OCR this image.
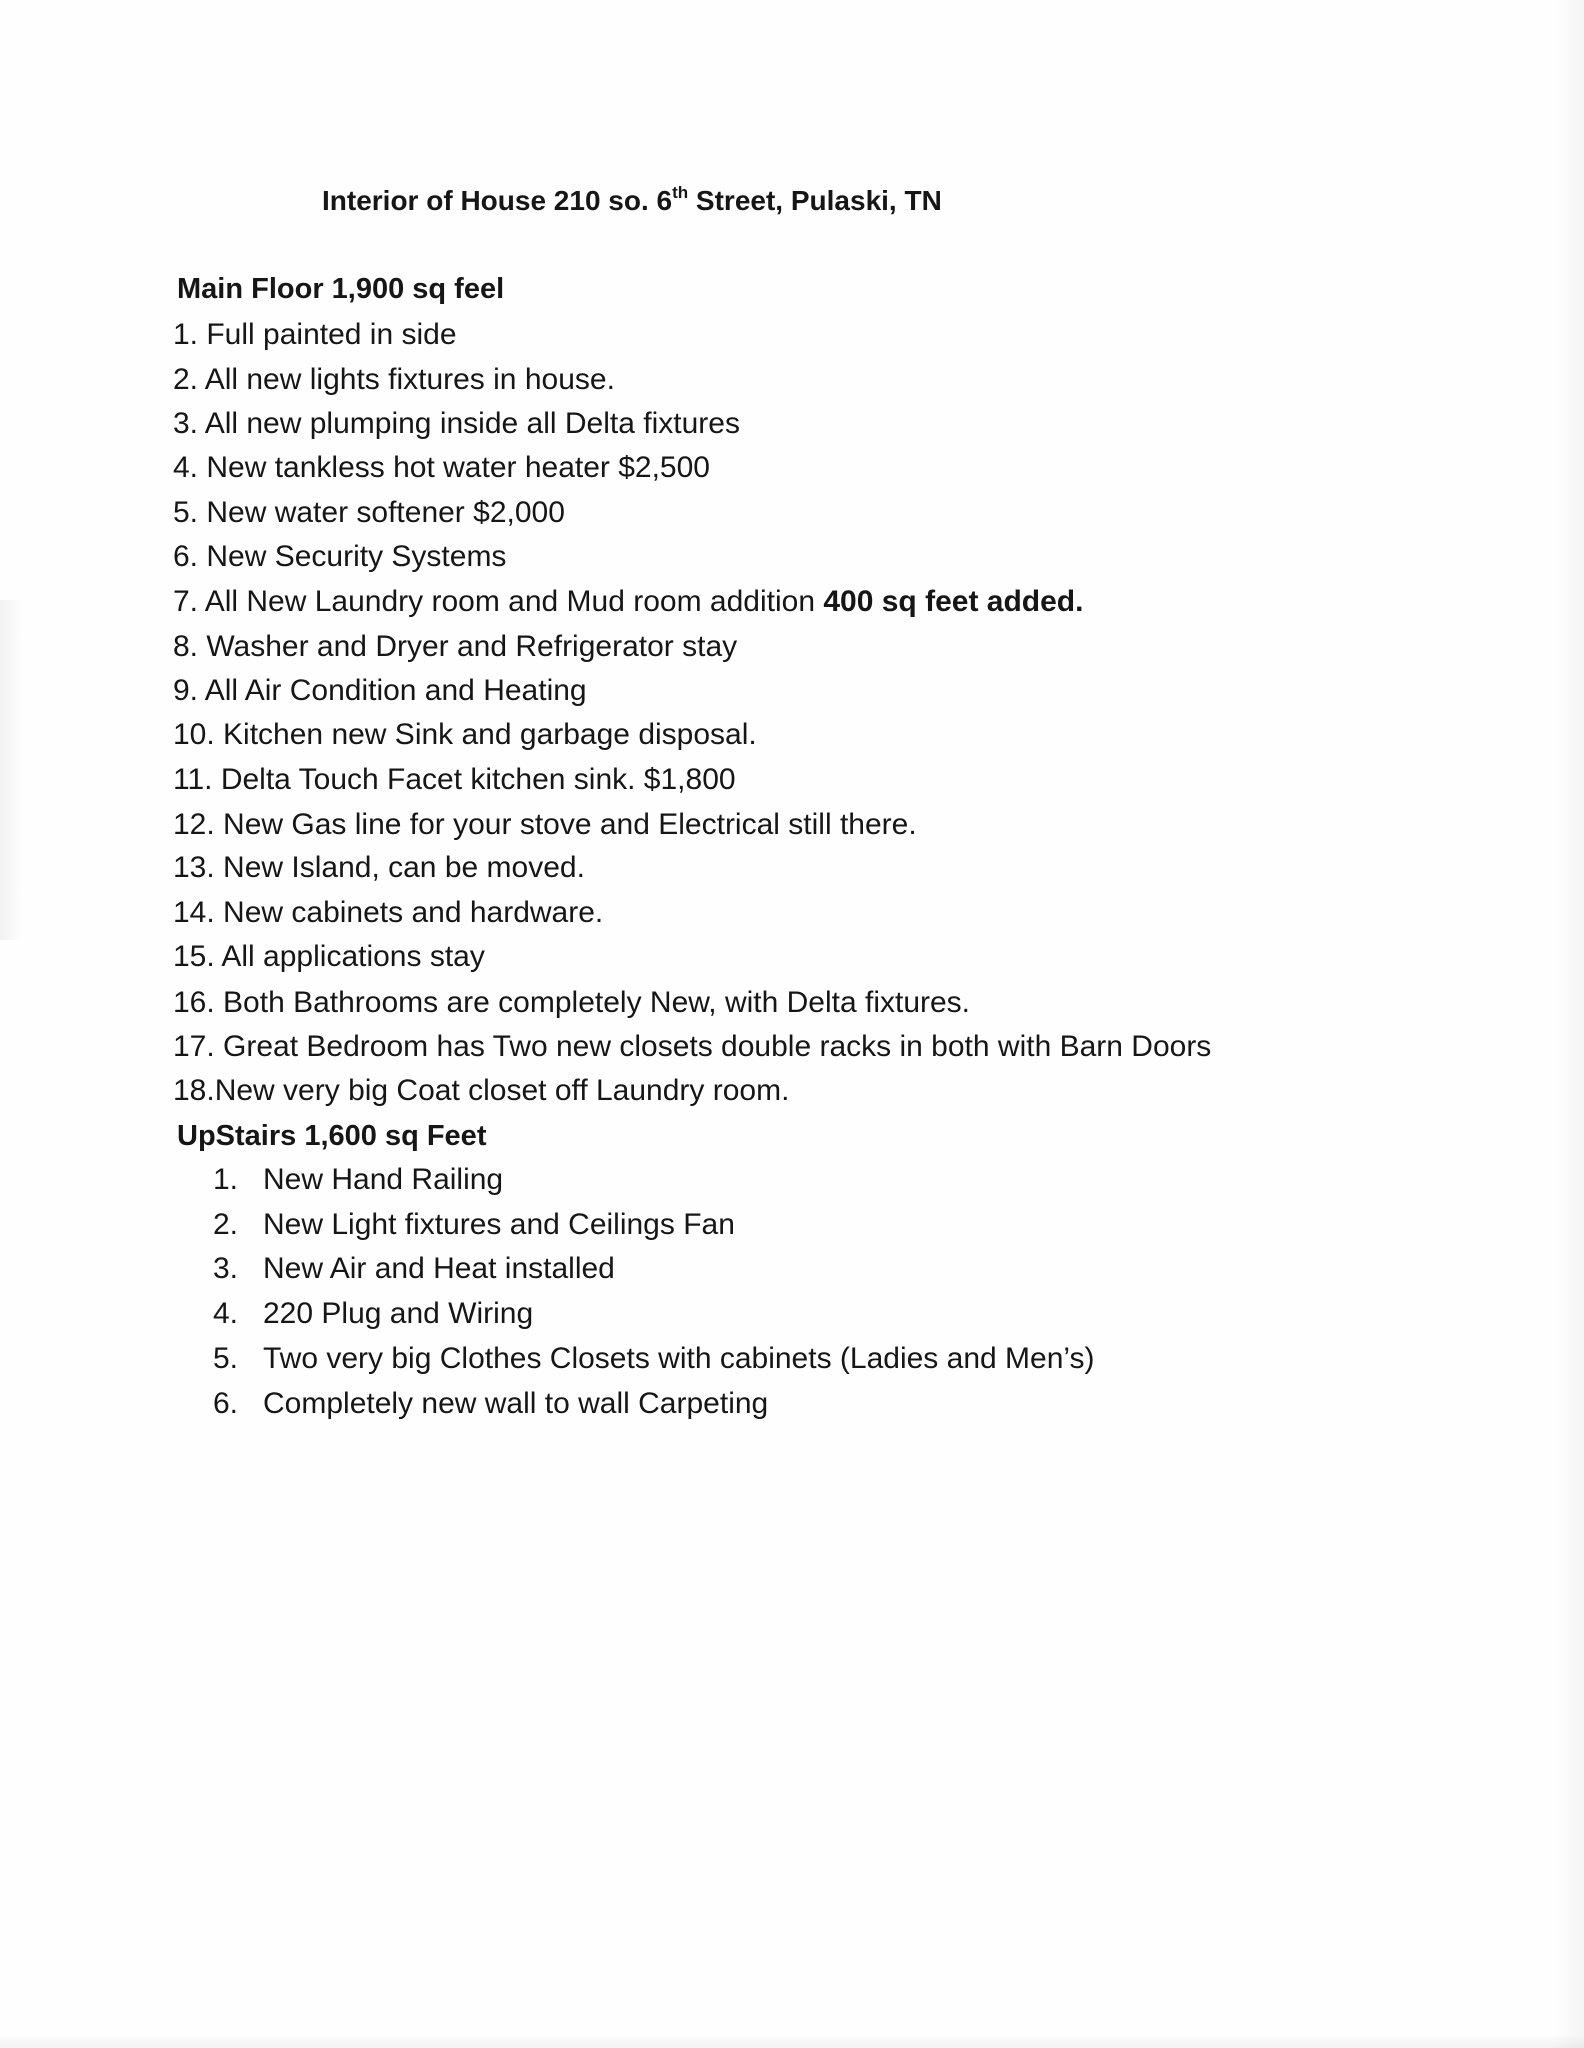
Interior of House 210 so. 6th Street, Pulaski, TN
Main Floor 1,900 sq feel
1. Full painted in side
2. All new lights fixtures in house.
3. All new plumping inside all Delta fixtures
4. New tankless hot water heater $2,500
5. New water softener $2,000
6. New Security Systems
7. All New Laundry room and Mud room addition 400 sq feet added.
8. Washer and Dryer and Refrigerator stay
9. All Air Condition and Heating
10. Kitchen new Sink and garbage disposal.
11. Delta Touch Facet kitchen sink. $1,800
12. New Gas line for your stove and Electrical still there.
13. New Island, can be moved.
14. New cabinets and hardware.
15. All applications stay
16. Both Bathrooms are completely New, with Delta fixtures.
17. Great Bedroom has Two new closets double racks in both with Barn Doors
18.New very big Coat closet off Laundry room.
UpStairs 1,600 sq Feet
1. New Hand Railing
2. New Light fixtures and Ceilings Fan
3. New Air and Heat installed
4. 220 Plug and Wiring
5. Two very big Clothes Closets with cabinets (Ladies and Men’s)
6. Completely new wall to wall Carpeting
